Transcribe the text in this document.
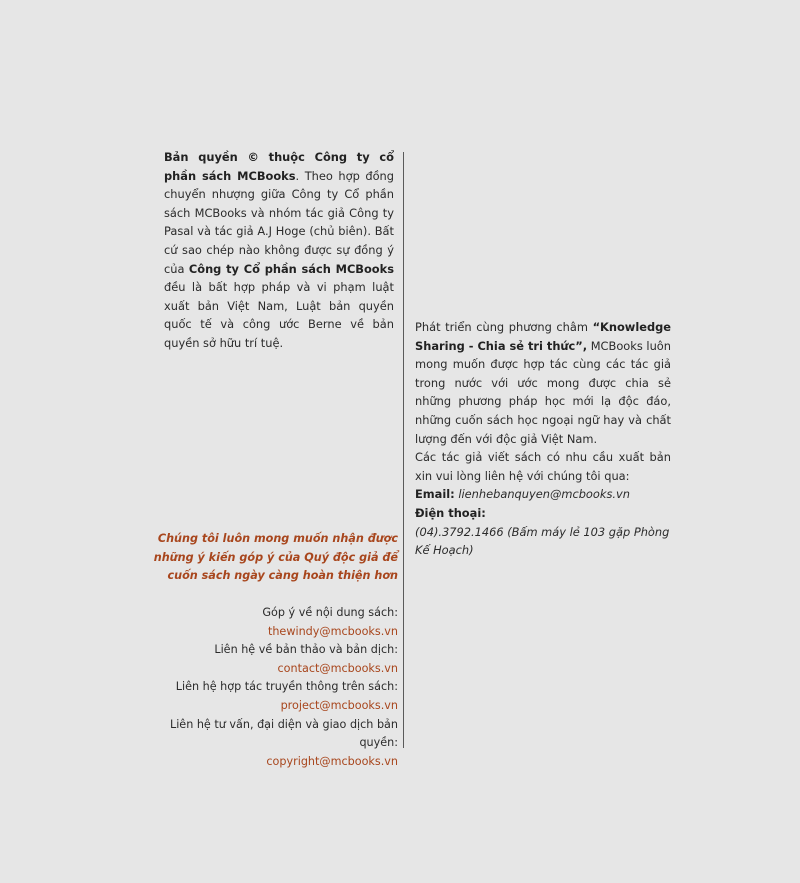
Bản quyền © thuộc Công ty cổ phần sách MCBooks. Theo hợp đồng chuyển nhượng giữa Công ty Cổ phần sách MCBooks và nhóm tác giả Công ty Pasal và tác giả A.J Hoge (chủ biên). Bất cứ sao chép nào không được sự đồng ý của Công ty Cổ phần sách MCBooks đều là bất hợp pháp và vi phạm luật xuất bản Việt Nam, Luật bản quyền quốc tế và công ước Berne về bản quyền sở hữu trí tuệ.

Phát triển cùng phương châm “Knowledge Sharing - Chia sẻ tri thức”, MCBooks luôn mong muốn được hợp tác cùng các tác giả trong nước với ước mong được chia sẻ những phương pháp học mới lạ độc đáo, những cuốn sách học ngoại ngữ hay và chất lượng đến với độc giả Việt Nam.

Các tác giả viết sách có nhu cầu xuất bản xin vui lòng liên hệ với chúng tôi qua:

Email: lienhebanquyen@mcbooks.vn

Điện thoại:

(04).3792.1466 (Bấm máy lẻ 103 gặp Phòng Kế Hoạch)

Chúng tôi luôn mong muốn nhận được những ý kiến góp ý của Quý độc giả để cuốn sách ngày càng hoàn thiện hơn
Góp ý về nội dung sách:
thewindy@mcbooks.vn
Liên hệ về bản thảo và bản dịch:
contact@mcbooks.vn
Liên hệ hợp tác truyền thông trên sách:
project@mcbooks.vn
Liên hệ tư vấn, đại diện và giao dịch bản quyền:
copyright@mcbooks.vn
